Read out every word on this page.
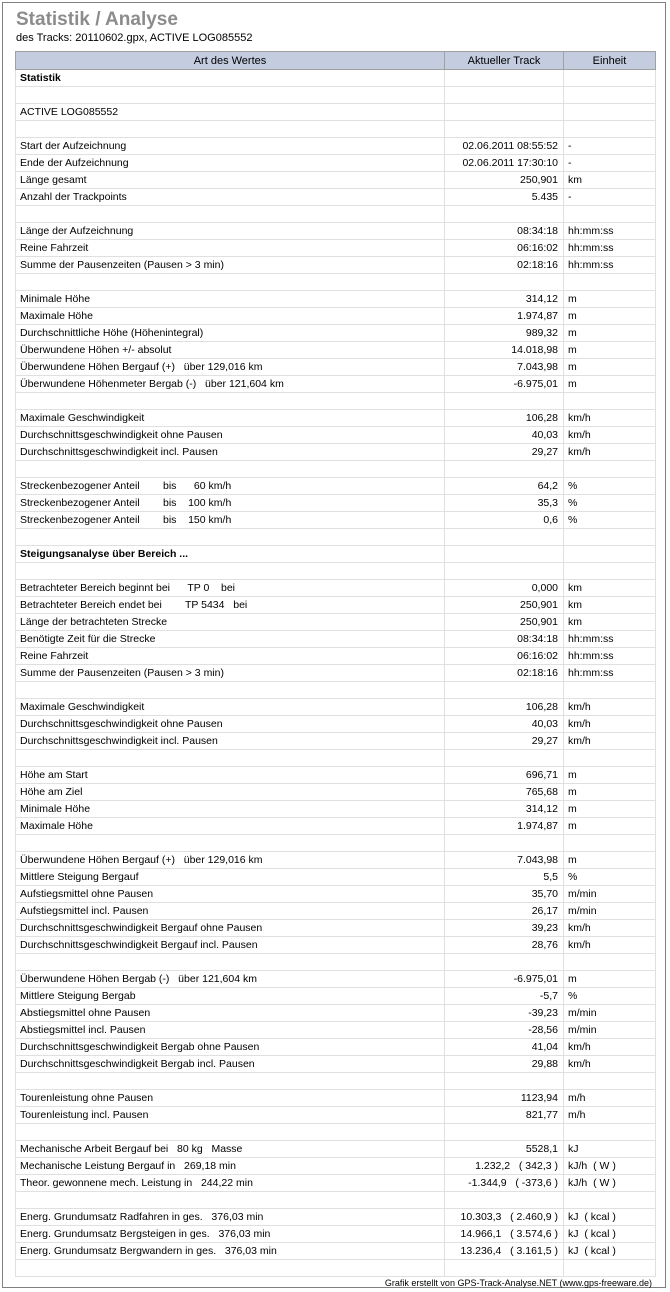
Statistik / Analyse
des Tracks: 20110602.gpx, ACTIVE LOG085552
Art des Wertes	Aktueller Track	Einheit
Statistik		

ACTIVE LOG085552		

Start der Aufzeichnung	02.06.2011 08:55:52	-
Ende der Aufzeichnung	02.06.2011 17:30:10	-
Länge gesamt	250,901	km
Anzahl der Trackpoints	5.435	-

Länge der Aufzeichnung	08:34:18	hh:mm:ss
Reine Fahrzeit	06:16:02	hh:mm:ss
Summe der Pausenzeiten (Pausen > 3 min)	02:18:16	hh:mm:ss

Minimale Höhe	314,12	m
Maximale Höhe	1.974,87	m
Durchschnittliche Höhe (Höhenintegral)	989,32	m
Überwundene Höhen +/- absolut	14.018,98	m
Überwundene Höhen Bergauf (+)   über 129,016 km	7.043,98	m
Überwundene Höhenmeter Bergab (-)   über 121,604 km	-6.975,01	m

Maximale Geschwindigkeit	106,28	km/h
Durchschnittsgeschwindigkeit ohne Pausen	40,03	km/h
Durchschnittsgeschwindigkeit incl. Pausen	29,27	km/h

Streckenbezogener Anteil        bis      60 km/h	64,2	%
Streckenbezogener Anteil        bis    100 km/h	35,3	%
Streckenbezogener Anteil        bis    150 km/h	0,6	%

Steigungsanalyse über Bereich ...		

Betrachteter Bereich beginnt bei      TP 0    bei	0,000	km
Betrachteter Bereich endet bei        TP 5434   bei	250,901	km
Länge der betrachteten Strecke	250,901	km
Benötigte Zeit für die Strecke	08:34:18	hh:mm:ss
Reine Fahrzeit	06:16:02	hh:mm:ss
Summe der Pausenzeiten (Pausen > 3 min)	02:18:16	hh:mm:ss

Maximale Geschwindigkeit	106,28	km/h
Durchschnittsgeschwindigkeit ohne Pausen	40,03	km/h
Durchschnittsgeschwindigkeit incl. Pausen	29,27	km/h

Höhe am Start	696,71	m
Höhe am Ziel	765,68	m
Minimale Höhe	314,12	m
Maximale Höhe	1.974,87	m

Überwundene Höhen Bergauf (+)   über 129,016 km	7.043,98	m
Mittlere Steigung Bergauf	5,5	%
Aufstiegsmittel ohne Pausen	35,70	m/min
Aufstiegsmittel incl. Pausen	26,17	m/min
Durchschnittsgeschwindigkeit Bergauf ohne Pausen	39,23	km/h
Durchschnittsgeschwindigkeit Bergauf incl. Pausen	28,76	km/h

Überwundene Höhen Bergab (-)   über 121,604 km	-6.975,01	m
Mittlere Steigung Bergab	-5,7	%
Abstiegsmittel ohne Pausen	-39,23	m/min
Abstiegsmittel incl. Pausen	-28,56	m/min
Durchschnittsgeschwindigkeit Bergab ohne Pausen	41,04	km/h
Durchschnittsgeschwindigkeit Bergab incl. Pausen	29,88	km/h

Tourenleistung ohne Pausen	1123,94	m/h
Tourenleistung incl. Pausen	821,77	m/h

Mechanische Arbeit Bergauf bei   80 kg   Masse	5528,1	kJ
Mechanische Leistung Bergauf in   269,18 min	1.232,2   ( 342,3 )	kJ/h  ( W )
Theor. gewonnene mech. Leistung in   244,22 min	-1.344,9   ( -373,6 )	kJ/h  ( W )

Energ. Grundumsatz Radfahren in ges.   376,03 min	10.303,3   ( 2.460,9 )	kJ  ( kcal )
Energ. Grundumsatz Bergsteigen in ges.   376,03 min	14.966,1   ( 3.574,6 )	kJ  ( kcal )
Energ. Grundumsatz Bergwandern in ges.   376,03 min	13.236,4   ( 3.161,5 )	kJ  ( kcal )

Grafik erstellt von GPS-Track-Analyse.NET (www.gps-freeware.de)
